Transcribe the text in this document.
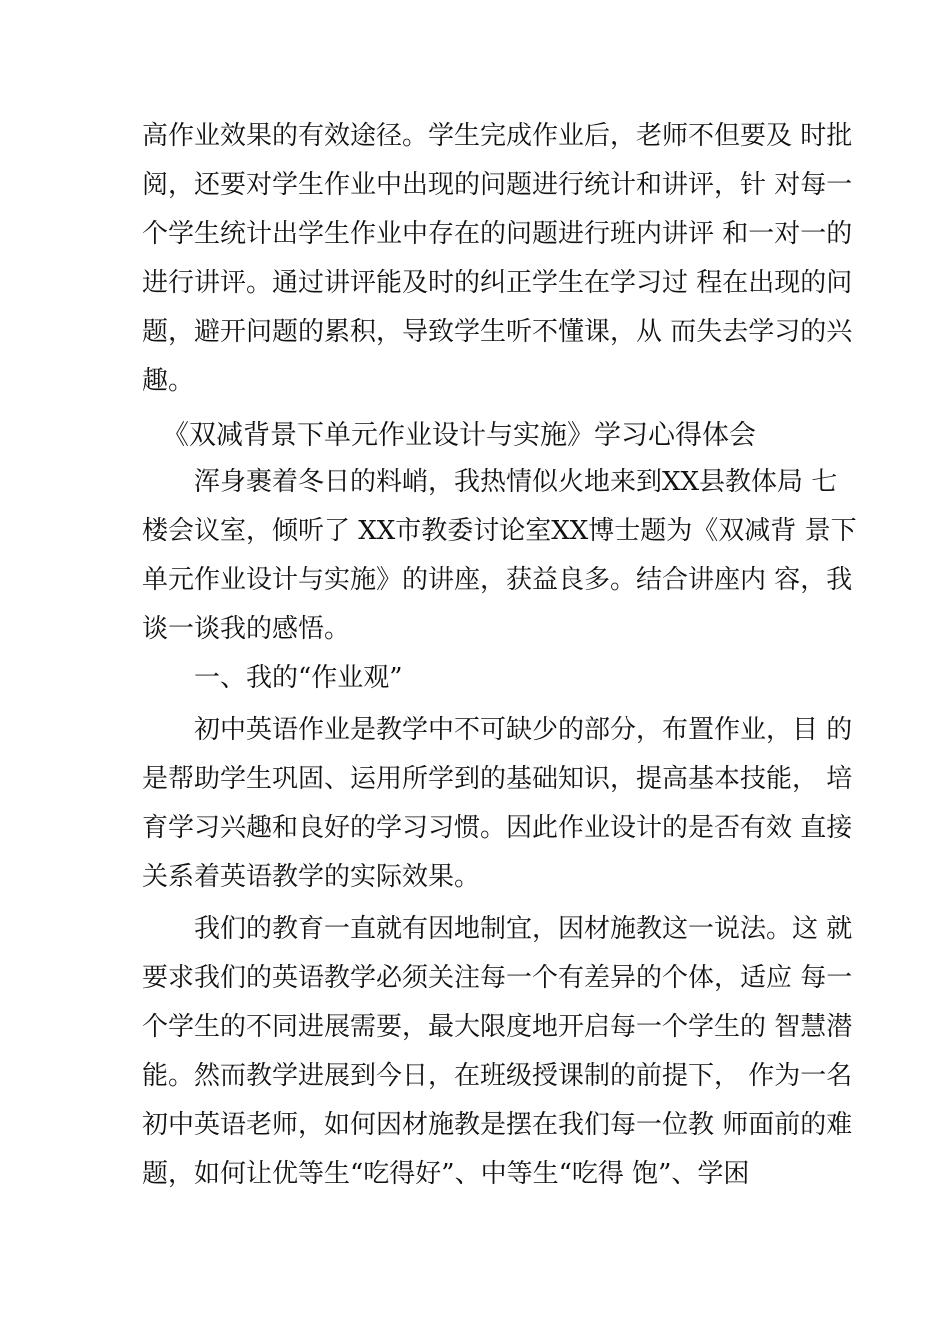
高作业效果的有效途径。学生完成作业后，老师不但要及 时批
阅，还要对学生作业中出现的问题进行统计和讲评，针 对每一
个学生统计出学生作业中存在的问题进行班内讲评 和一对一的
进行讲评。通过讲评能及时的纠正学生在学习过 程在出现的问
题，避开问题的累积，导致学生听不懂课，从 而失去学习的兴
趣。
《双减背景下单元作业设计与实施》学习心得体会
浑身裹着冬日的料峭，我热情似火地来到XX县教体局 七
楼会议室，倾听了 XX市教委讨论室XX博士题为《双减背 景下
单元作业设计与实施》的讲座，获益良多。结合讲座内 容，我
谈一谈我的感悟。
一、我的“作业观”
初中英语作业是教学中不可缺少的部分，布置作业，目 的
是帮助学生巩固、运用所学到的基础知识，提高基本技能， 培
育学习兴趣和良好的学习习惯。因此作业设计的是否有效 直接
关系着英语教学的实际效果。
我们的教育一直就有因地制宜，因材施教这一说法。这 就
要求我们的英语教学必须关注每一个有差异的个体，适应 每一
个学生的不同进展需要，最大限度地开启每一个学生的 智慧潜
能。然而教学进展到今日，在班级授课制的前提下， 作为一名
初中英语老师，如何因材施教是摆在我们每一位教 师面前的难
题，如何让优等生“吃得好”、中等生“吃得 饱”、学困
